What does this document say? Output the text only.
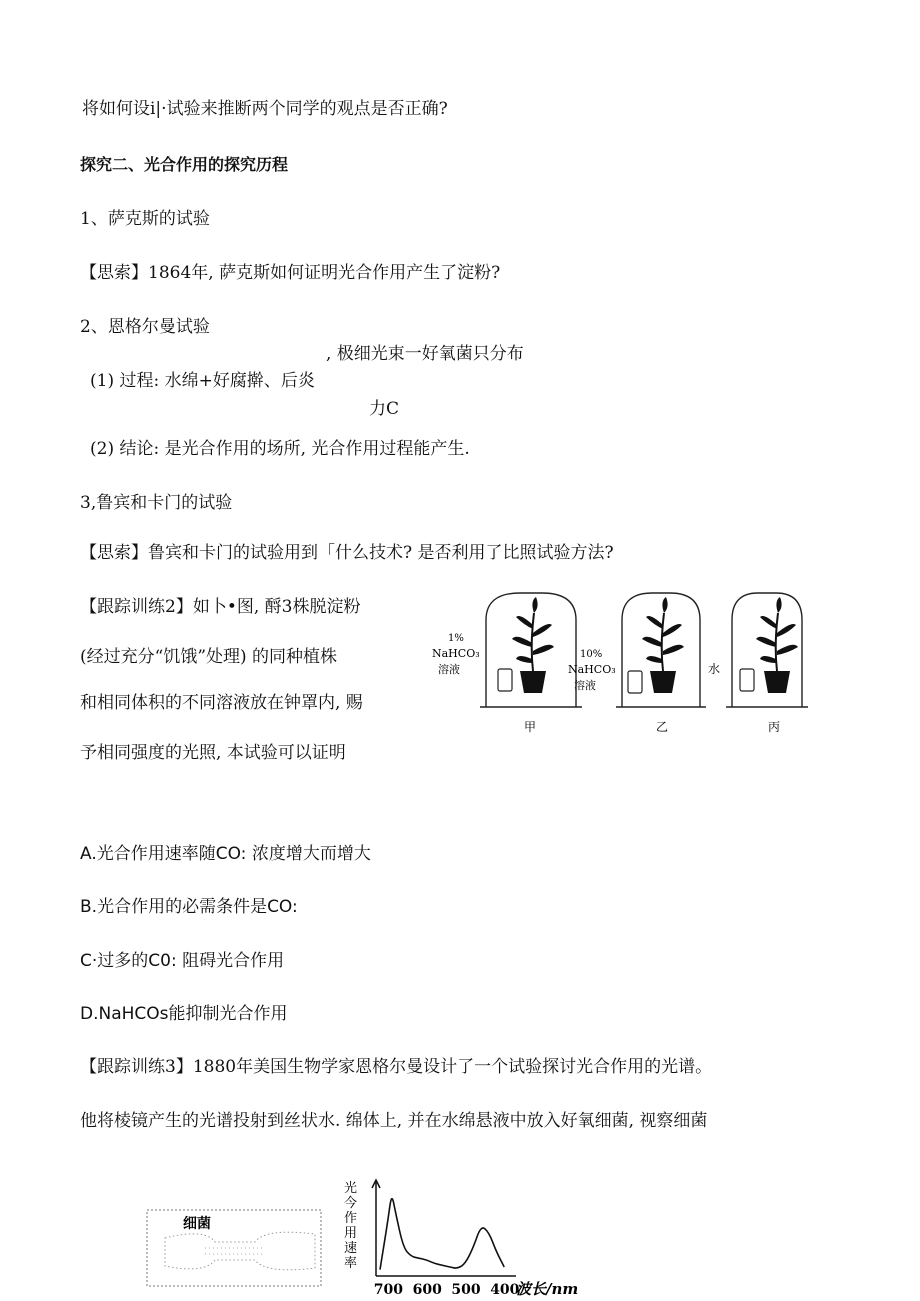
将如何设i|·试验来推断两个同学的观点是否正确?
探究二、光合作用的探究历程
1、萨克斯的试验
【思索】1864年, 萨克斯如何证明光合作用产生了淀粉?
2、恩格尔曼试验
, 极细光束一好氧菌只分布
(1) 过程: 水绵+好腐擀、后炎
力C
(2) 结论: 是光合作用的场所, 光合作用过程能产生.
3,鲁宾和卡门的试验
【思索】鲁宾和卡门的试验用到「什么技术? 是否利用了比照试验方法?
【跟踪训练2】如卜•图, 酹3株脱淀粉
(经过充分“饥饿”处理) 的同种植株
和相同体积的不同溶液放在钟罩内, 赐
予相同强度的光照, 本试验可以证明
A.光合作用速率随CO: 浓度增大而增大
B.光合作用的必需条件是CO:
C·过多的C0: 阻碍光合作用
D.NaHCOs能抑制光合作用
【跟踪训练3】1880年美国生物学家恩格尔曼设计了一个试验探讨光合作用的光谱。
他将棱镜产生的光谱投射到丝状水. 绵体上, 并在水绵悬液中放入好氧细菌, 视察细菌
1%
NaHCO₃
溶液
甲
10%
NaHCO₃
溶液
乙
水
丙
细菌
光
今
作
用
速
率
700 600 500 400
波长/nm
